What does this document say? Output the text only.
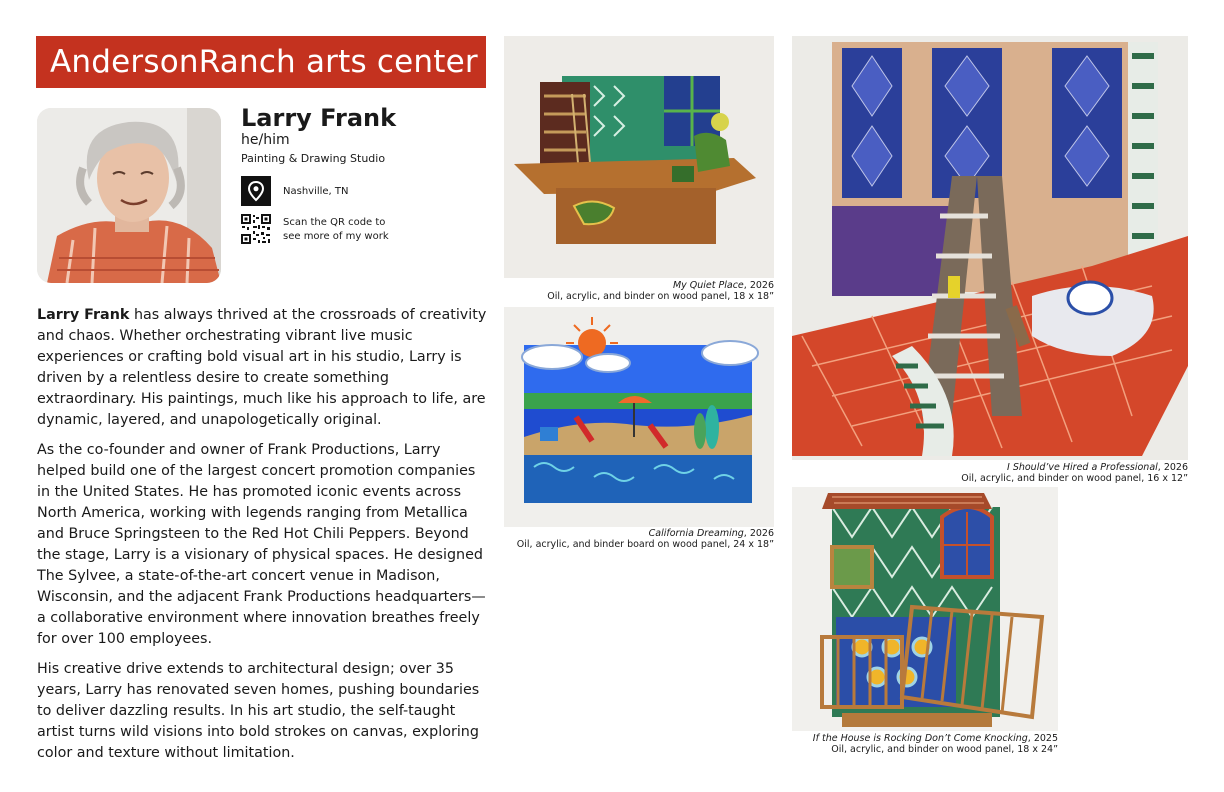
AndersonRanch arts center
Larry Frank
he/him
Painting & Drawing Studio
Nashville, TN
Scan the QR code to
see more of my work

Larry Frank has always thrived at the crossroads of creativity and chaos. Whether orchestrating vibrant live music experiences or crafting bold visual art in his studio, Larry is driven by a relentless desire to create something extraordinary. His paintings, much like his approach to life, are dynamic, layered, and unapologetically original.

As the co-founder and owner of Frank Productions, Larry helped build one of the largest concert promotion companies in the United States. He has promoted iconic events across North America, working with legends ranging from Metallica and Bruce Springsteen to the Red Hot Chili Peppers. Beyond the stage, Larry is a visionary of physical spaces. He designed The Sylvee, a state-of-the-art concert venue in Madison, Wisconsin, and the adjacent Frank Productions headquarters—a collaborative environment where innovation breathes freely for over 100 employees.

His creative drive extends to architectural design; over 35 years, Larry has renovated seven homes, pushing boundaries to deliver dazzling results. In his art studio, the self-taught artist turns wild visions into bold strokes on canvas, exploring color and texture without limitation.

My Quiet Place, 2026
Oil, acrylic, and binder on wood panel, 18 x 18”
California Dreaming, 2026
Oil, acrylic, and binder board on wood panel, 24 x 18”
I Should’ve Hired a Professional, 2026
Oil, acrylic, and binder on wood panel, 16 x 12”
If the House is Rocking Don’t Come Knocking, 2025
Oil, acrylic, and binder on wood panel, 18 x 24”
